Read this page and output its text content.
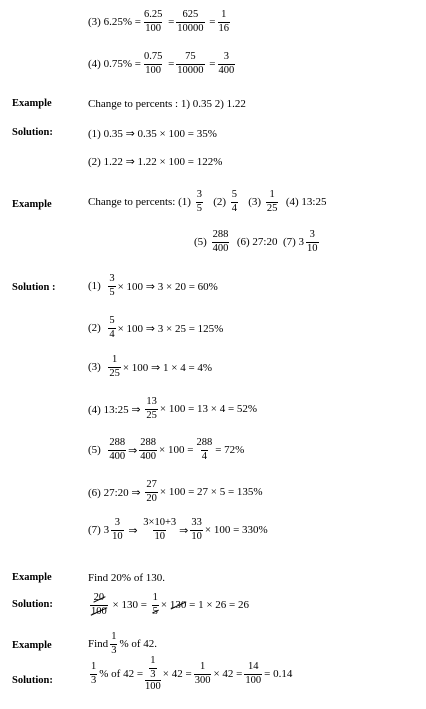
(3) $6.25\% = \frac{6.25}{100} = \frac{625}{10000} = \frac{1}{16}$
(4) $0.75\% = \frac{0.75}{100} = \frac{75}{10000} = \frac{3}{400}$
Example	Change to percents : 1) 0.35 2) 1.22
Solution:	(1) 0.35 ⇒ 0.35 × 100 = 35%
(2) 1.22 ⇒ 1.22 × 100 = 122%
Example	Change to percents: (1)
$\frac{3}{5}$
(2)
$\frac{5}{4}$
(3)
$\frac{1}{25}$
(4) 13:25
(5)
$\frac{288}{400}$
(6) 27:20
(7) $3 \frac{3}{10}$
Solution :	(1)
$\frac{3}{5} \times 100$ ⇒ 3 × 20 = 60%
(2)
$\frac{5}{4} \times 100$ ⇒ 3 × 25 = 125%
(3)
$\frac{1}{25} \times 100$ ⇒ 1 × 4 = 4%
(4) 13:25 ⇒
$\frac{13}{25} \times 100 = 13 \times 4 = 52\%$
(5)
$\frac{288}{400}$ ⇒ $\frac{288}{400} \times 100 = \frac{288}{4} = 72\%$
(6) 27:20 ⇒
$\frac{27}{20} \times 100 = 27 \times 5 = 135\%$
(7) $3 \frac{3}{10}$
⇒
$\frac{3\times 10+3}{10}$ ⇒ $\frac{33}{10} \times 100 = 330\%$
Example	Find 20% of 130.
Solution:	$\frac{20}{100}$
× 130 =
$\frac{1}{5}$ ×
130
= 1 × 26 = 26
Example	Find $\frac{1}{3}$ % of 42.
Solution:	$\frac{1}{3}$ % of $42 = \frac{\frac{1}{3}}{100} \times 42 = \frac{1}{300} \times 42 = \frac{14}{100} = 0.14$
